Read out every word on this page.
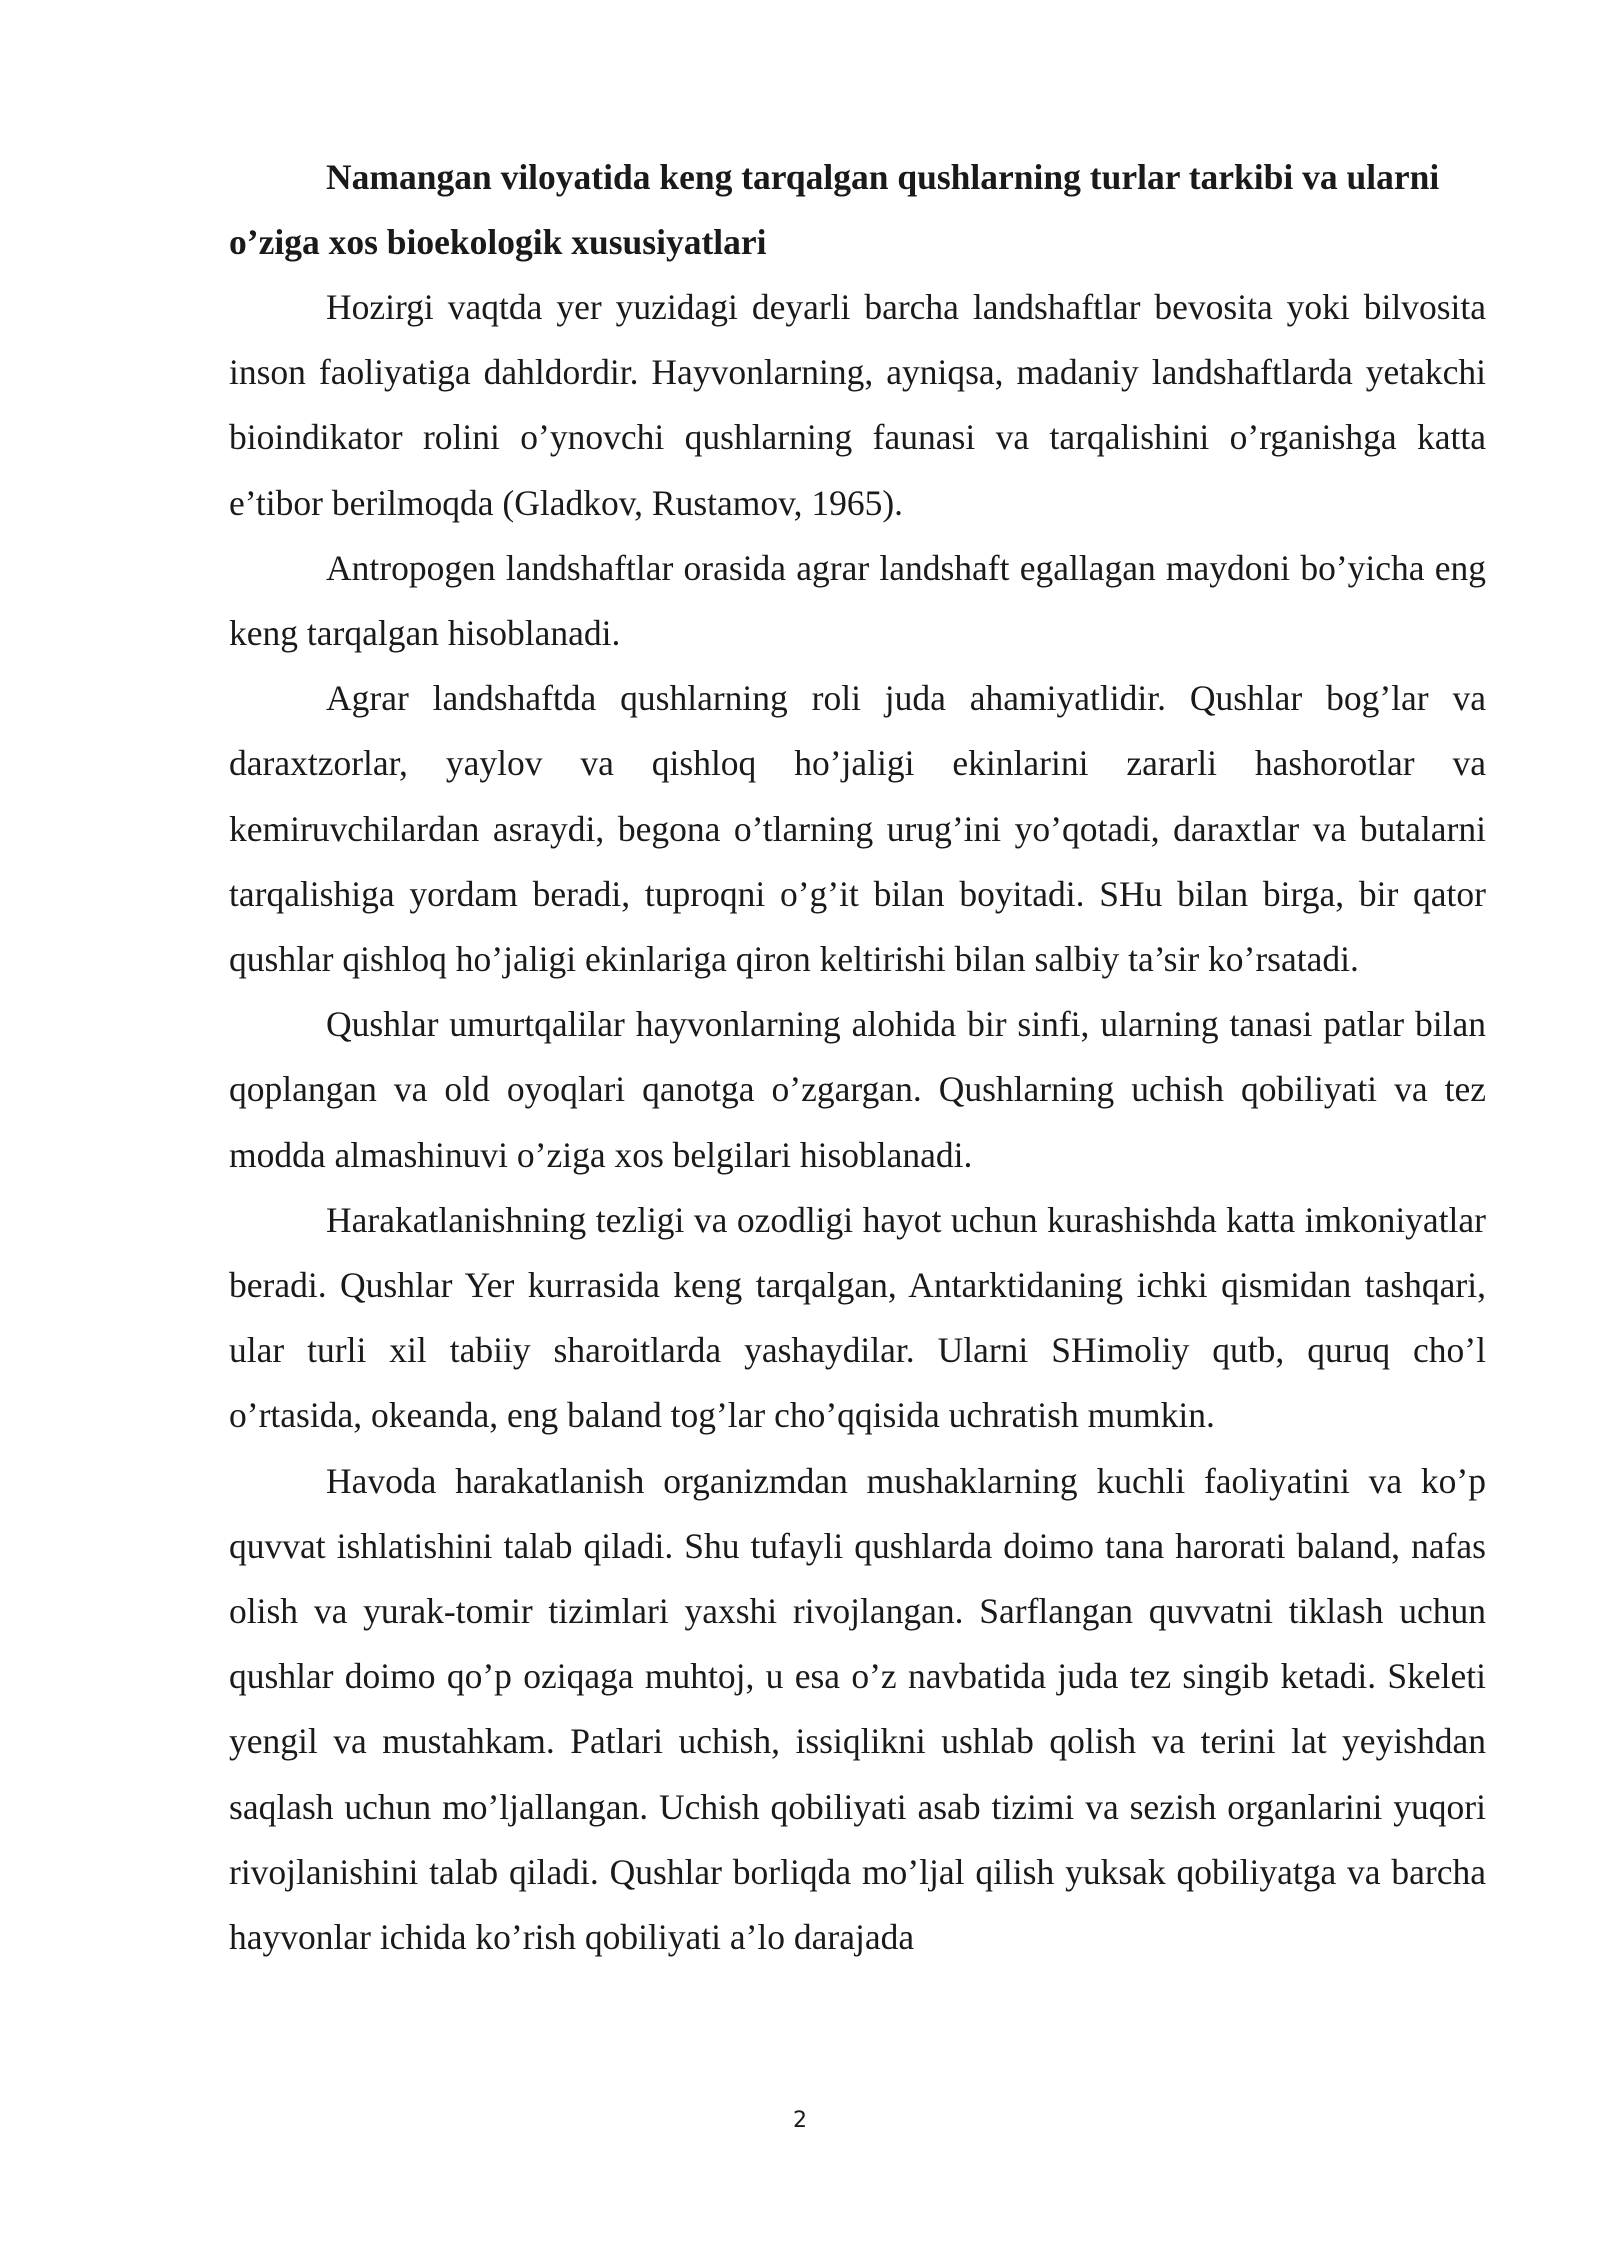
Namangan viloyatida keng tarqalgan qushlarning turlar tarkibi va ularni o’ziga xos bioekologik xususiyatlari

Hozirgi vaqtda yer yuzidagi deyarli barcha landshaftlar bevosita yoki bilvosita inson faoliyatiga dahldordir. Hayvonlarning, ayniqsa, madaniy landshaftlarda yetakchi bioindikator rolini o’ynovchi qushlarning faunasi va tarqalishini o’rganishga katta e’tibor berilmoqda (Gladkov, Rustamov, 1965).

Antropogen landshaftlar orasida agrar landshaft egallagan maydoni bo’yicha eng keng tarqalgan hisoblanadi.

Agrar landshaftda qushlarning roli juda ahamiyatlidir. Qushlar bog’lar va daraxtzorlar, yaylov va qishloq ho’jaligi ekinlarini zararli hashorotlar va kemiruvchilardan asraydi, begona o’tlarning urug’ini yo’qotadi, daraxtlar va butalarni tarqalishiga yordam beradi, tuproqni o’g’it bilan boyitadi. SHu bilan birga, bir qator qushlar qishloq ho’jaligi ekinlariga qiron keltirishi bilan salbiy ta’sir ko’rsatadi.

Qushlar umurtqalilar hayvonlarning alohida bir sinfi, ularning tanasi patlar bilan qoplangan va old oyoqlari qanotga o’zgargan. Qushlarning uchish qobiliyati va tez modda almashinuvi o’ziga xos belgilari hisoblanadi.

Harakatlanishning tezligi va ozodligi hayot uchun kurashishda katta imkoniyatlar beradi. Qushlar Yer kurrasida keng tarqalgan, Antarktidaning ichki qismidan tashqari, ular turli xil tabiiy sharoitlarda yashaydilar. Ularni SHimoliy qutb, quruq cho’l o’rtasida, okeanda, eng baland tog’lar cho’qqisida uchratish mumkin.

Havoda harakatlanish organizmdan mushaklarning kuchli faoliyatini va ko’p quvvat ishlatishini talab qiladi. Shu tufayli qushlarda doimo tana harorati baland, nafas olish va yurak-tomir tizimlari yaxshi rivojlangan. Sarflangan quvvatni tiklash uchun qushlar doimo qo’p oziqaga muhtoj, u esa o’z navbatida juda tez singib ketadi. Skeleti yengil va mustahkam. Patlari uchish, issiqlikni ushlab qolish va terini lat yeyishdan saqlash uchun mo’ljallangan. Uchish qobiliyati asab tizimi va sezish organlarini yuqori rivojlanishini talab qiladi. Qushlar borliqda mo’ljal qilish yuksak qobiliyatga va barcha hayvonlar ichida ko’rish qobiliyati a’lo darajada

2
